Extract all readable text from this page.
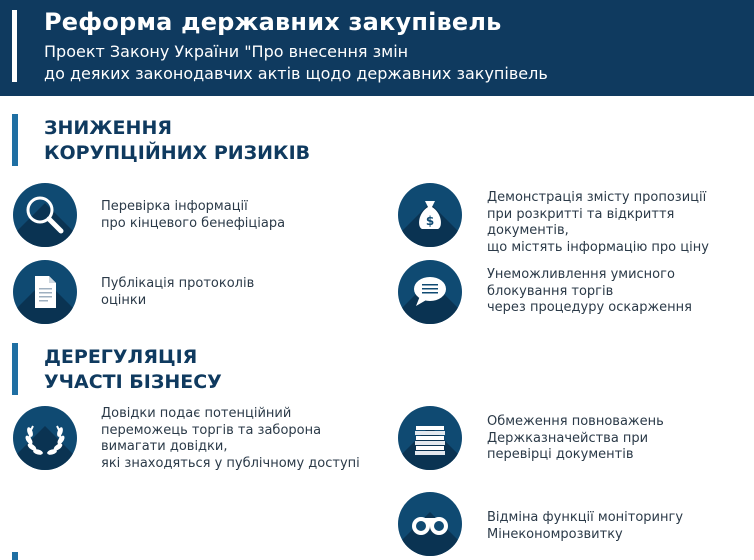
Реформа державних закупівель
Проект Закону України "Про внесення змін
до деяких законодавчих актів щодо державних закупівель
ЗНИЖЕННЯ
КОРУПЦІЙНИХ РИЗИКІВ
Перевірка інформації
про кінцевого бенефіціара	$
Демонстрація змісту пропозиції
при розкритті та відкриття документів,
що містять інформацію про ціну
Публікація протоколів
оцінки
Унеможливлення умисного
блокування торгів
через процедуру оскарження
ДЕРЕГУЛЯЦІЯ
УЧАСТІ БІЗНЕСУ
Довідки подає потенційний
переможець торгів та заборона
вимагати довідки,
які знаходяться у публічному доступі
Обмеження повноважень
Держказначейства при
перевірці документів
Відміна функції моніторингу
Мінекономрозвитку
